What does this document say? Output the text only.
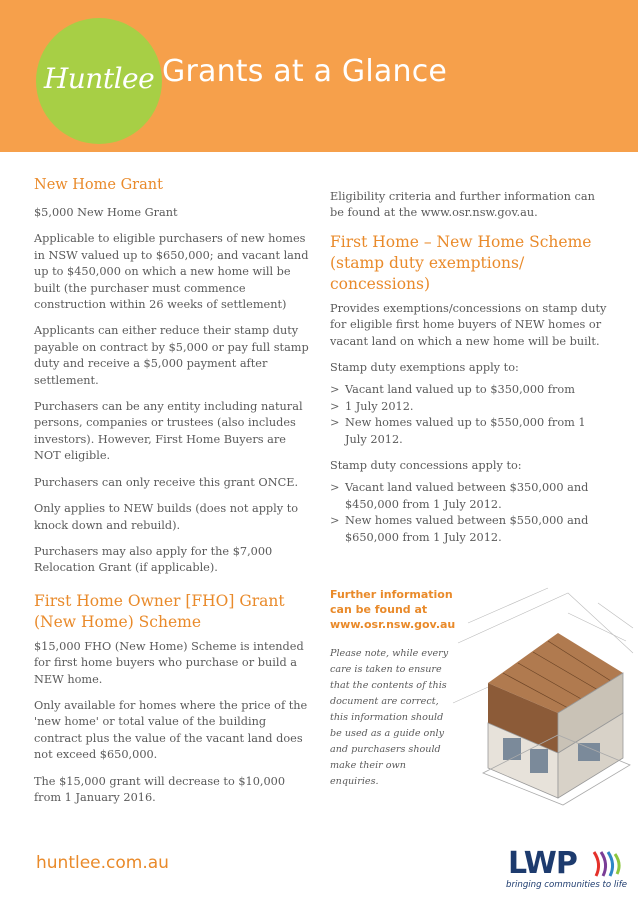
Huntlee Grants at a Glance
New Home Grant

$5,000 New Home Grant

Applicable to eligible purchasers of new homes in NSW valued up to $650,000; and vacant land up to $450,000 on which a new home will be built (the purchaser must commence construction within 26 weeks of settlement)

Applicants can either reduce their stamp duty payable on contract by $5,000 or pay full stamp duty and receive a $5,000 payment after settlement.

Purchasers can be any entity including natural persons, companies or trustees (also includes investors). However, First Home Buyers are NOT eligible.

Purchasers can only receive this grant ONCE.

Only applies to NEW builds (does not apply to knock down and rebuild).

Purchasers may also apply for the $7,000 Relocation Grant (if applicable).

First Home Owner [FHO] Grant (New Home) Scheme

$15,000 FHO (New Home) Scheme is intended for first home buyers who purchase or build a NEW home.

Only available for homes where the price of the 'new home' or total value of the building contract plus the value of the vacant land does not exceed $650,000.

The $15,000 grant will decrease to $10,000 from 1 January 2016.

Eligibility criteria and further information can be found at the www.osr.nsw.gov.au.

First Home – New Home Scheme (stamp duty exemptions/ concessions)

Provides exemptions/concessions on stamp duty for eligible first home buyers of NEW homes or vacant land on which a new home will be built.

Stamp duty exemptions apply to:

> Vacant land valued up to $350,000 from
> 1 July 2012.
> New homes valued up to $550,000 from 1 July 2012.

Stamp duty concessions apply to:

> Vacant land valued between $350,000 and $450,000 from 1 July 2012.
> New homes valued between $550,000 and $650,000 from 1 July 2012.
Further information can be found at www.osr.nsw.gov.au

Please note, while every care is taken to ensure that the contents of this document are correct, this information should be used as a guide only and purchasers should make their own enquiries.

huntlee.com.au	LWP
bringing communities to life
